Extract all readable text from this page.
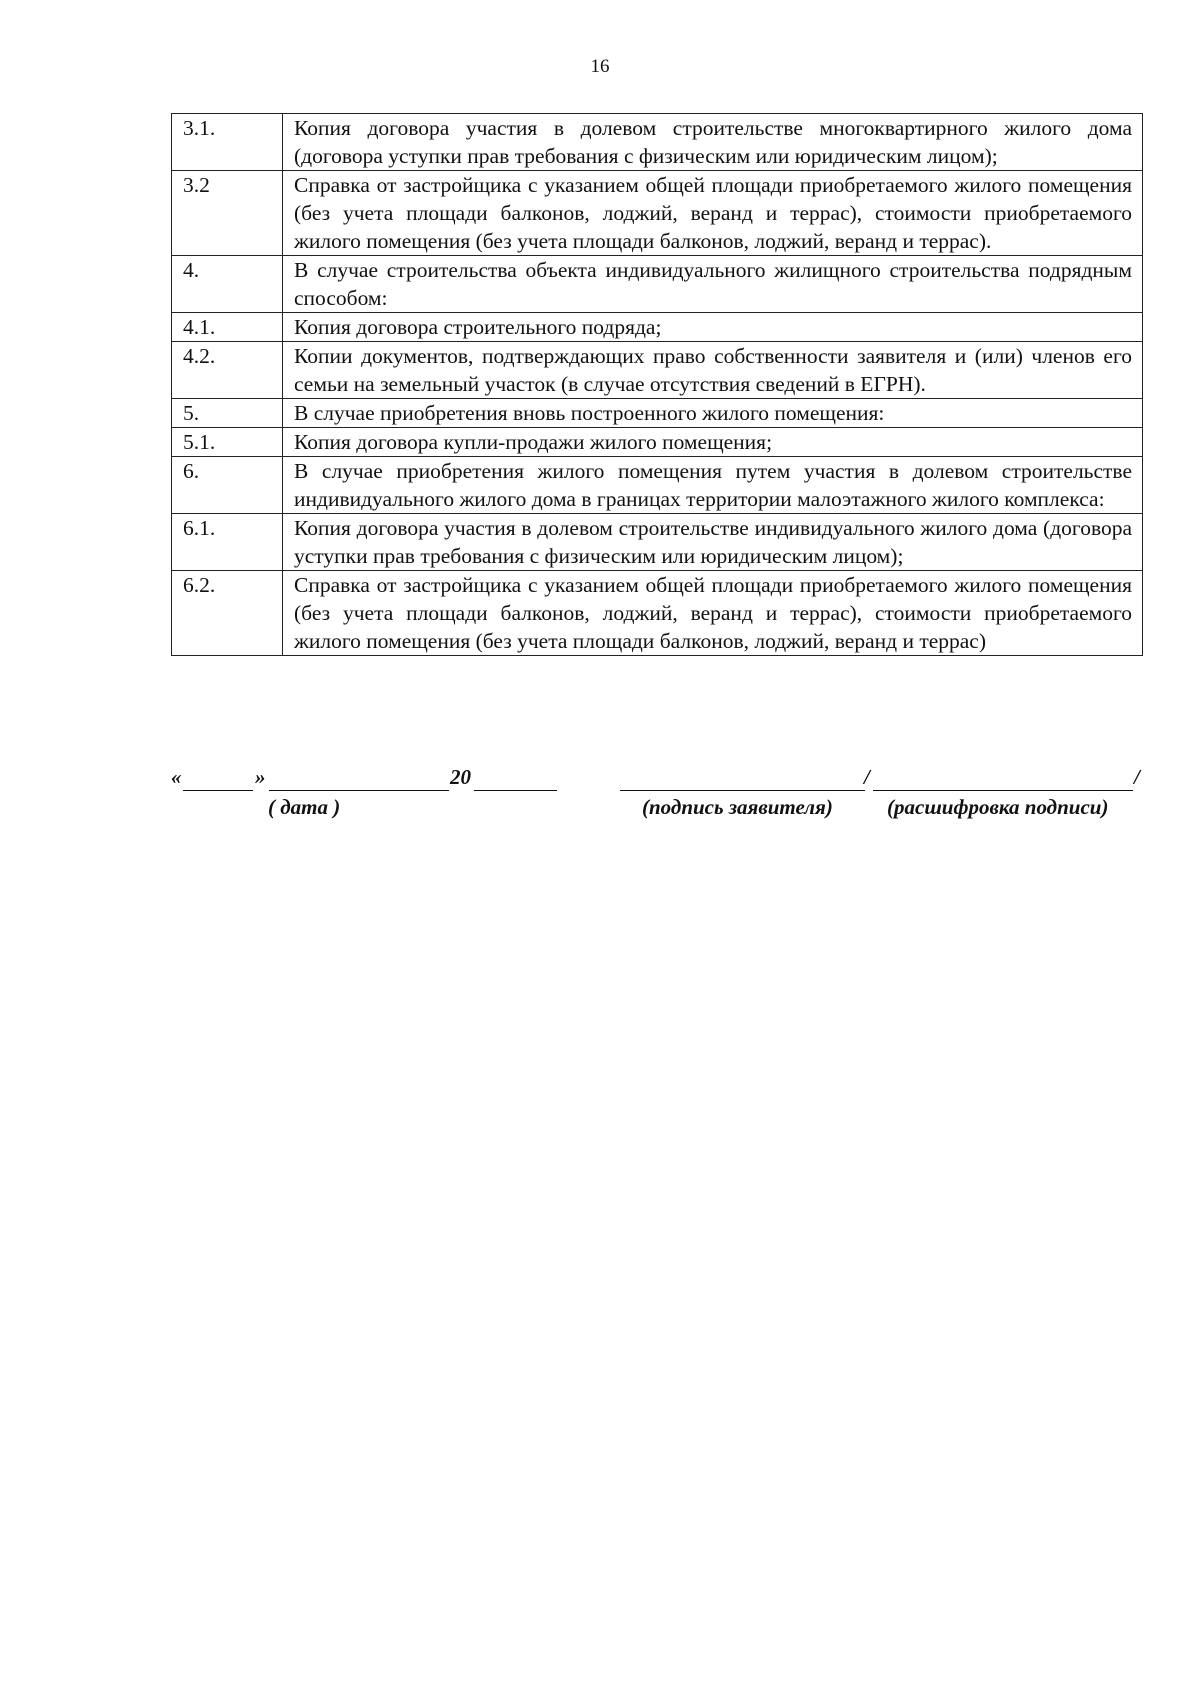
16
3.1.	Копия договора участия в долевом строительстве многоквартирного жилого дома (договора уступки прав требования с физическим или юридическим лицом);
3.2	Справка от застройщика с указанием общей площади приобретаемого жилого помещения (без учета площади балконов, лоджий, веранд и террас), стоимости приобретаемого жилого помещения (без учета площади балконов, лоджий, веранд и террас).
4.	В случае строительства объекта индивидуального жилищного строительства подрядным способом:
4.1.	Копия договора строительного подряда;
4.2.	Копии документов, подтверждающих право собственности заявителя и (или) членов его семьи на земельный участок (в случае отсутствия сведений в ЕГРН).
5.	В случае приобретения вновь построенного жилого помещения:
5.1.	Копия договора купли-продажи жилого помещения;
6.	В случае приобретения жилого помещения путем участия в долевом строительстве индивидуального жилого дома в границах территории малоэтажного жилого комплекса:
6.1.	Копия договора участия в долевом строительстве индивидуального жилого дома (договора уступки прав требования с физическим или юридическим лицом);
6.2.	Справка от застройщика с указанием общей площади приобретаемого жилого помещения (без учета площади балконов, лоджий, веранд и террас), стоимости приобретаемого жилого помещения (без учета площади балконов, лоджий, веранд и террас)
«	»	20	/	/
( дата )	(подпись заявителя)	(расшифровка подписи)
